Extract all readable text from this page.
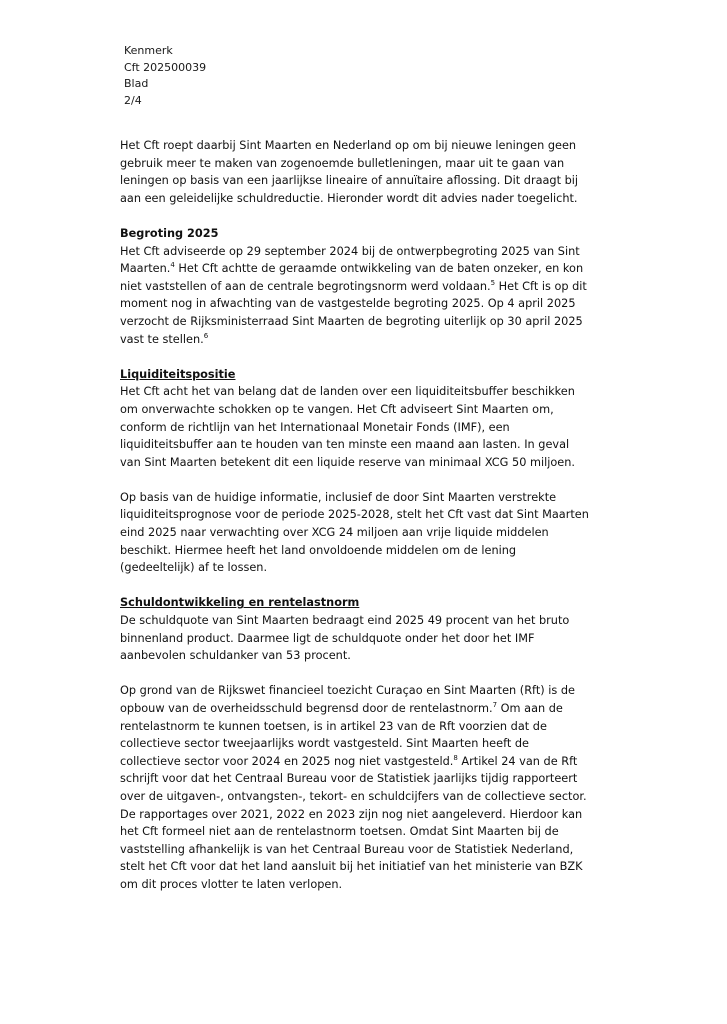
Kenmerk
Cft 202500039
Blad
2/4

Het Cft roept daarbij Sint Maarten en Nederland op om bij nieuwe leningen geen gebruik meer te maken van zogenoemde bulletleningen, maar uit te gaan van leningen op basis van een jaarlijkse lineaire of annuïtaire aflossing. Dit draagt bij aan een geleidelijke schuldreductie. Hieronder wordt dit advies nader toegelicht.

Begroting 2025

Het Cft adviseerde op 29 september 2024 bij de ontwerpbegroting 2025 van Sint Maarten.$^4$ Het Cft achtte de geraamde ontwikkeling van de baten onzeker, en kon niet vaststellen of aan de centrale begrotingsnorm werd voldaan.$^5$ Het Cft is op dit moment nog in afwachting van de vastgestelde begroting 2025. Op 4 april 2025 verzocht de Rijksministerraad Sint Maarten de begroting uiterlijk op 30 april 2025 vast te stellen.$^6$

Liquiditeitspositie

Het Cft acht het van belang dat de landen over een liquiditeitsbuffer beschikken om onverwachte schokken op te vangen. Het Cft adviseert Sint Maarten om, conform de richtlijn van het Internationaal Monetair Fonds (IMF), een liquiditeitsbuffer aan te houden van ten minste een maand aan lasten. In geval van Sint Maarten betekent dit een liquide reserve van minimaal XCG 50 miljoen.

Op basis van de huidige informatie, inclusief de door Sint Maarten verstrekte liquiditeitsprognose voor de periode 2025-2028, stelt het Cft vast dat Sint Maarten eind 2025 naar verwachting over XCG 24 miljoen aan vrije liquide middelen beschikt. Hiermee heeft het land onvoldoende middelen om de lening (gedeeltelijk) af te lossen.

Schuldontwikkeling en rentelastnorm

De schuldquote van Sint Maarten bedraagt eind 2025 49 procent van het bruto binnenland product. Daarmee ligt de schuldquote onder het door het IMF aanbevolen schuldanker van 53 procent.

Op grond van de Rijkswet financieel toezicht Curaçao en Sint Maarten (Rft) is de opbouw van de overheidsschuld begrensd door de rentelastnorm.$^7$ Om aan de rentelastnorm te kunnen toetsen, is in artikel 23 van de Rft voorzien dat de collectieve sector tweejaarlijks wordt vastgesteld. Sint Maarten heeft de collectieve sector voor 2024 en 2025 nog niet vastgesteld.$^8$ Artikel 24 van de Rft schrijft voor dat het Centraal Bureau voor de Statistiek jaarlijks tijdig rapporteert over de uitgaven-, ontvangsten-, tekort- en schuldcijfers van de collectieve sector. De rapportages over 2021, 2022 en 2023 zijn nog niet aangeleverd. Hierdoor kan het Cft formeel niet aan de rentelastnorm toetsen. Omdat Sint Maarten bij de vaststelling afhankelijk is van het Centraal Bureau voor de Statistiek Nederland, stelt het Cft voor dat het land aansluit bij het initiatief van het ministerie van BZK om dit proces vlotter te laten verlopen.
